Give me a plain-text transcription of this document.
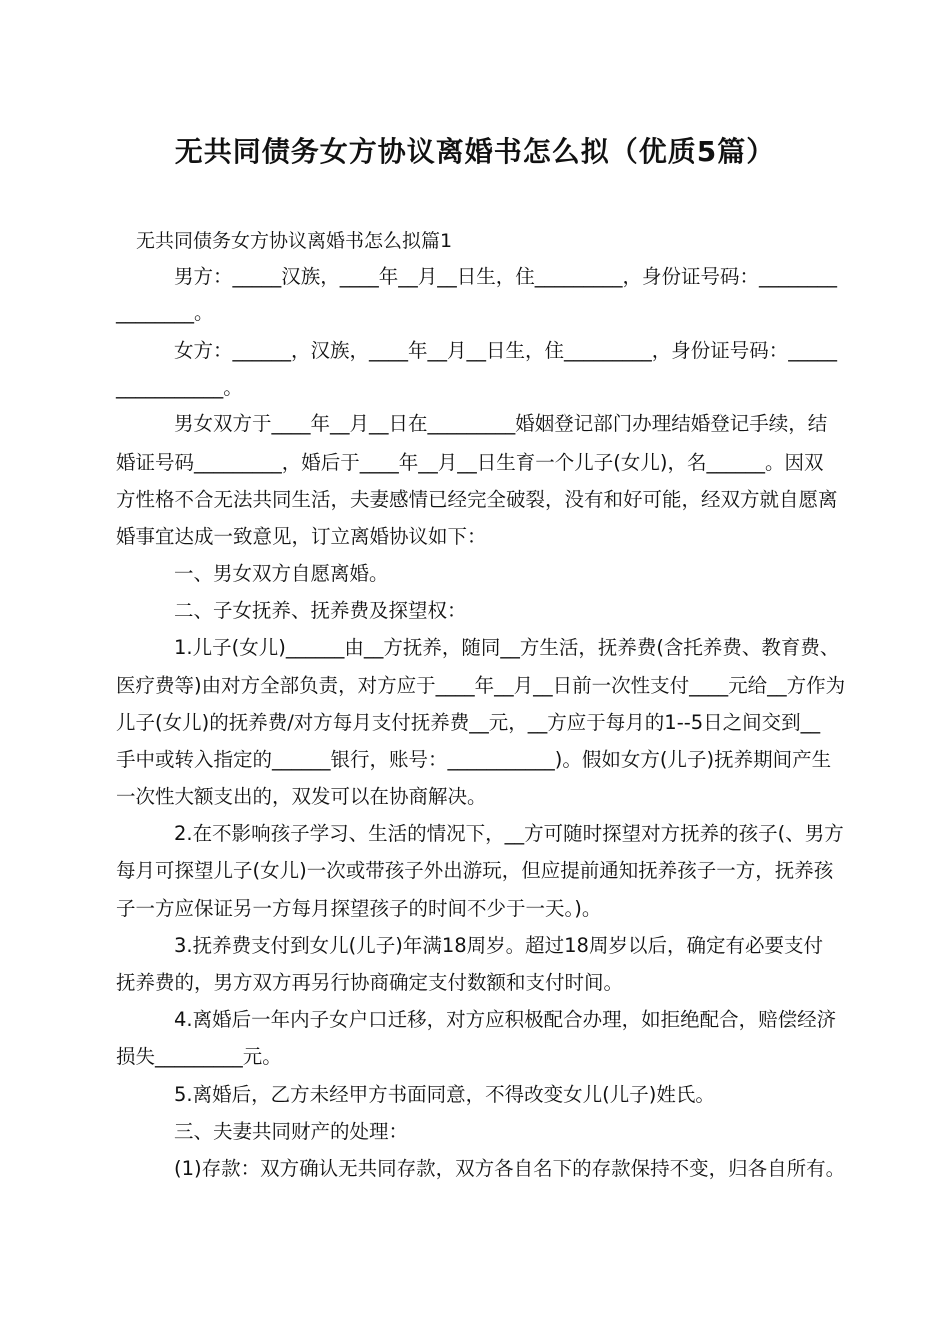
无共同债务女方协议离婚书怎么拟（优质5篇）
无共同债务女方协议离婚书怎么拟篇1
男方：_____汉族，____年__月__日生，住_________，身份证号码：________
________。
女方：______，汉族，____年__月__日生，住_________，身份证号码：_____
___________。
男女双方于____年__月__日在_________婚姻登记部门办理结婚登记手续，结
婚证号码_________，婚后于____年__月__日生育一个儿子(女儿)，名______。因双
方性格不合无法共同生活，夫妻感情已经完全破裂，没有和好可能，经双方就自愿离
婚事宜达成一致意见，订立离婚协议如下：
一、男女双方自愿离婚。
二、子女抚养、抚养费及探望权：
1.儿子(女儿)______由__方抚养，随同__方生活，抚养费(含托养费、教育费、
医疗费等)由对方全部负责，对方应于____年__月__日前一次性支付____元给__方作为
儿子(女儿)的抚养费/对方每月支付抚养费__元，__方应于每月的1--5日之间交到__
手中或转入指定的______银行，账号：___________)。假如女方(儿子)抚养期间产生
一次性大额支出的，双发可以在协商解决。
2.在不影响孩子学习、生活的情况下，__方可随时探望对方抚养的孩子(、男方
每月可探望儿子(女儿)一次或带孩子外出游玩，但应提前通知抚养孩子一方，抚养孩
子一方应保证另一方每月探望孩子的时间不少于一天。)。
3.抚养费支付到女儿(儿子)年满18周岁。超过18周岁以后，确定有必要支付
抚养费的，男方双方再另行协商确定支付数额和支付时间。
4.离婚后一年内子女户口迁移，对方应积极配合办理，如拒绝配合，赔偿经济
损失_________元。
5.离婚后，乙方未经甲方书面同意，不得改变女儿(儿子)姓氏。
三、夫妻共同财产的处理：
(1)存款：双方确认无共同存款，双方各自名下的存款保持不变，归各自所有。
